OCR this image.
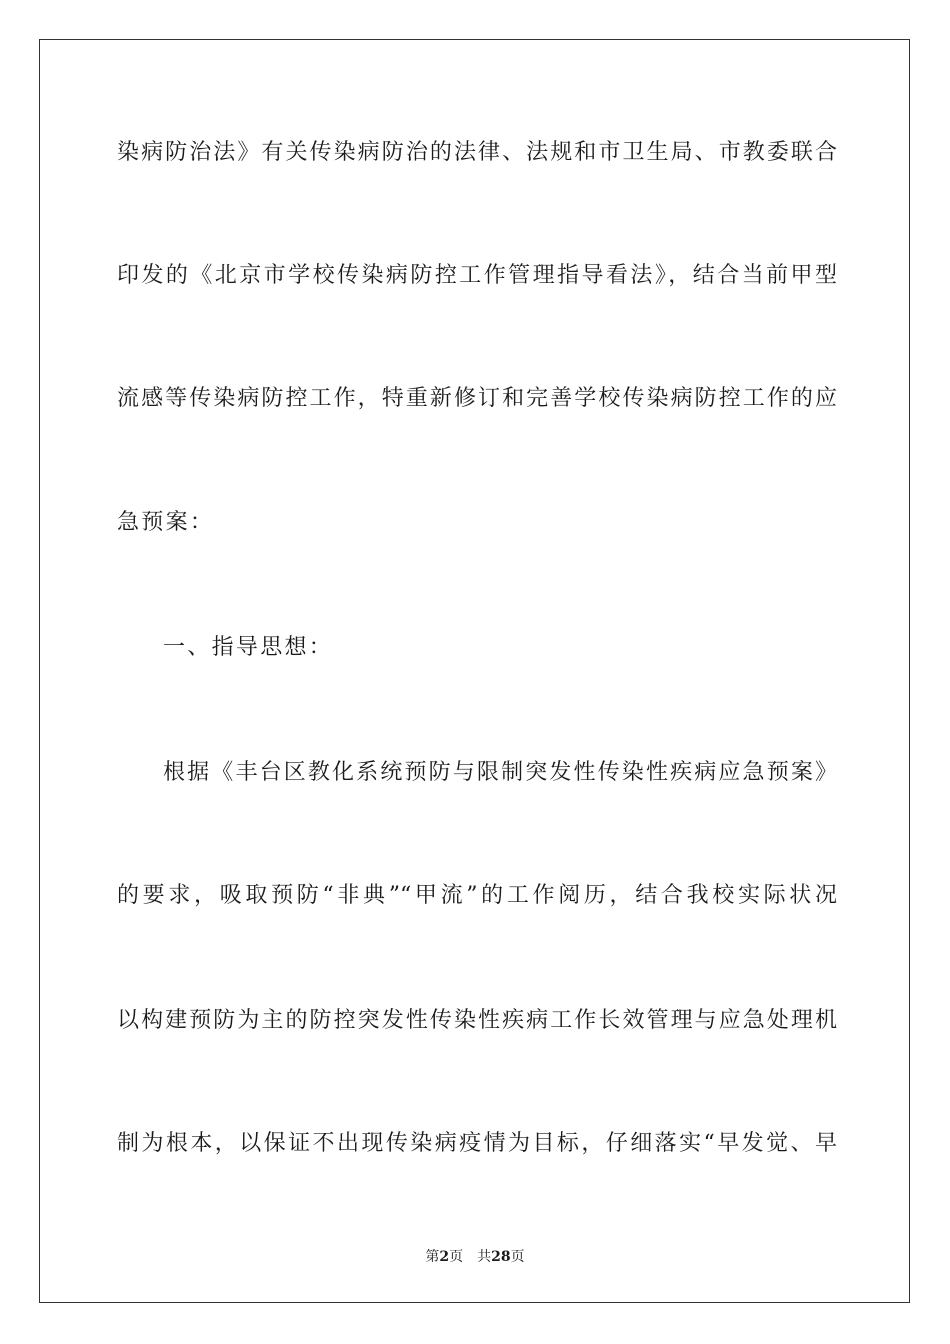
染病防治法》有关传染病防治的法律、法规和市卫生局、市教委联合
印发的《北京市学校传染病防控工作管理指导看法》，结合当前甲型
流感等传染病防控工作，特重新修订和完善学校传染病防控工作的应
急预案：
一、指导思想：
根据《丰台区教化系统预防与限制突发性传染性疾病应急预案》
的要求，吸取预防“非典”“甲流”的工作阅历，结合我校实际状况
以构建预防为主的防控突发性传染性疾病工作长效管理与应急处理机
制为根本，以保证不出现传染病疫情为目标，仔细落实“早发觉、早
第2页 共28页
